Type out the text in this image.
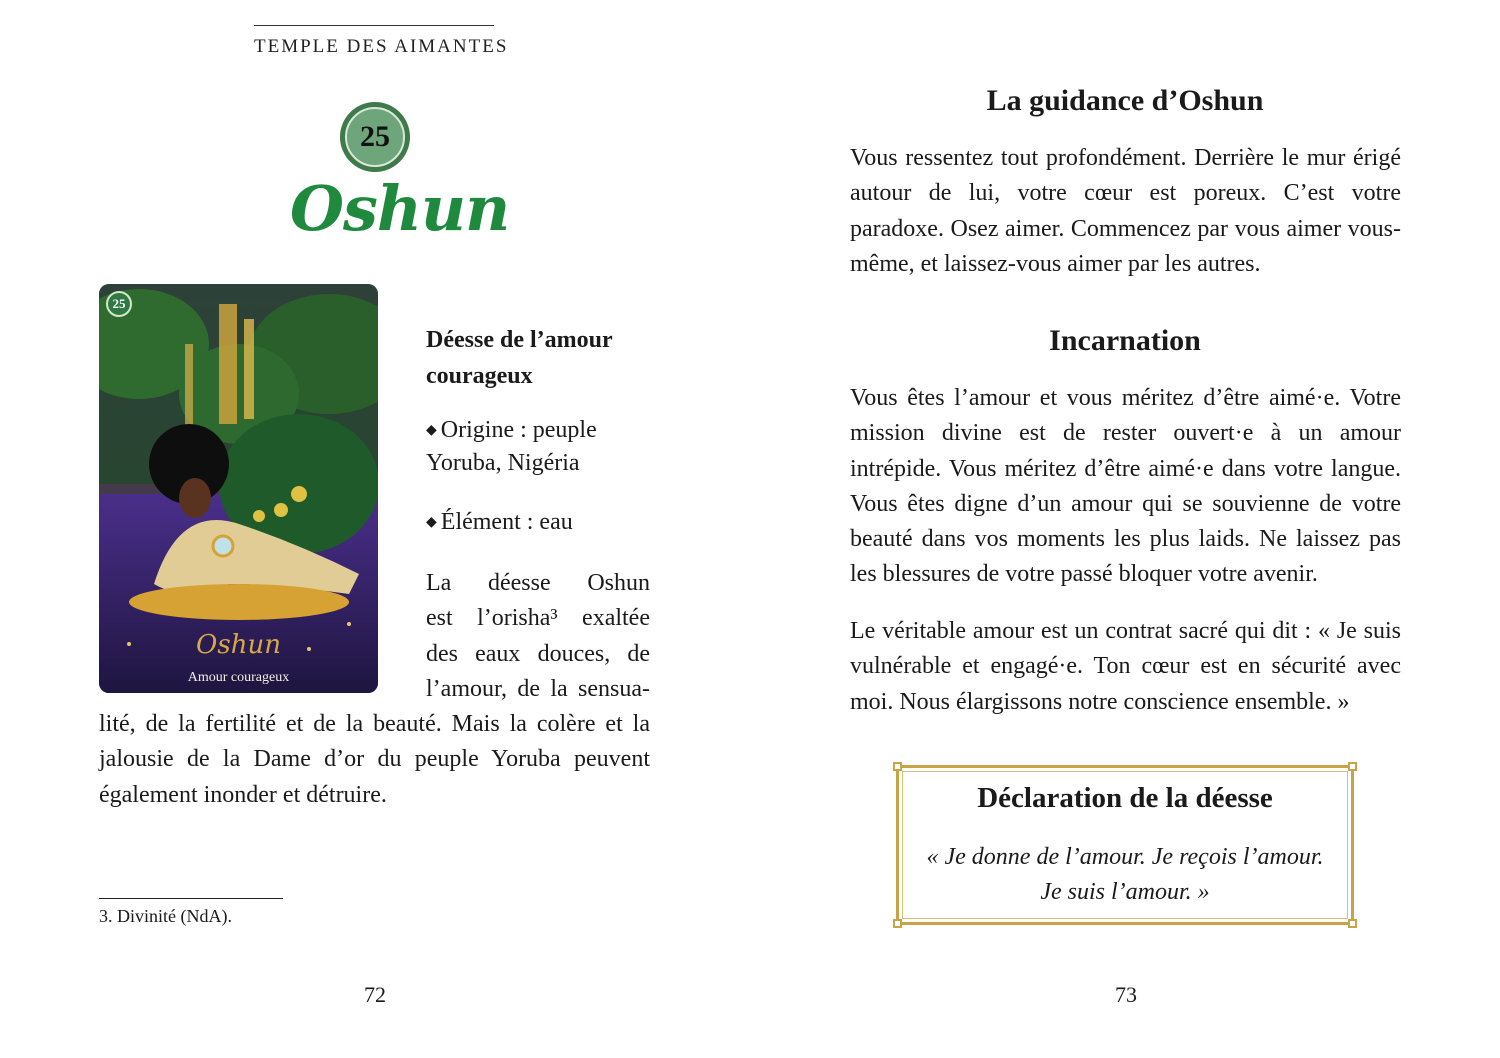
TEMPLE DES AIMANTES
25
Oshun
25
Oshun
Amour courageux
Déesse de l’amour courageux
◆ Origine : peuple Yoruba, Nigéria
◆ Élément : eau
La déesse Oshun
est l’orisha³ exaltée
des eaux douces, de
l’amour, de la sensua-
lité, de la fertilité et de la beauté. Mais la colère et la jalousie de la Dame d’or du peuple Yoruba peuvent également inonder et détruire.
3. Divinité (NdA).
72
La guidance d’Oshun
Vous ressentez tout profondément. Derrière le mur érigé autour de lui, votre cœur est poreux. C’est votre paradoxe. Osez aimer. Commencez par vous aimer vous-même, et laissez-vous aimer par les autres.
Incarnation
Vous êtes l’amour et vous méritez d’être aimé·e. Votre mission divine est de rester ouvert·e à un amour intrépide. Vous méritez d’être aimé·e dans votre langue. Vous êtes digne d’un amour qui se souvienne de votre beauté dans vos moments les plus laids. Ne laissez pas les blessures de votre passé bloquer votre avenir.
Le véritable amour est un contrat sacré qui dit : « Je suis vulnérable et engagé·e. Ton cœur est en sécurité avec moi. Nous élargissons notre conscience ensemble. »
Déclaration de la déesse
« Je donne de l’amour. Je reçois l’amour.
Je suis l’amour. »
73
